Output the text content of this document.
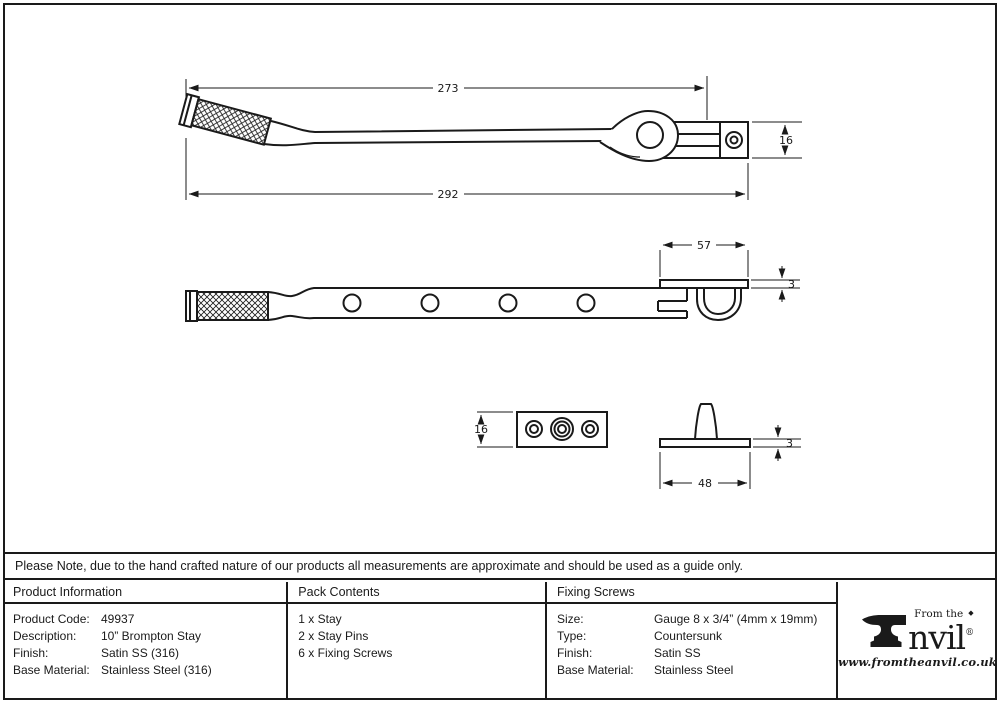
273
292
16
57
3
16
3
48
Please Note, due to the hand crafted nature of our products all measurements are approximate and should be used as a guide only.
Product Information
Product Code: 49937
Description:	10” Brompton Stay
Finish:	Satin SS (316)
Base Material: Stainless Steel (316)
Pack Contents
1 x Stay
2 x Stay Pins
6 x Fixing Screws
Fixing Screws
Size:	Gauge 8 x 3/4” (4mm x 19mm)
Type:	Countersunk
Finish:	Satin SS
Base Material:	Stainless Steel
From the ◆
nvil®
www.fromtheanvil.co.uk
